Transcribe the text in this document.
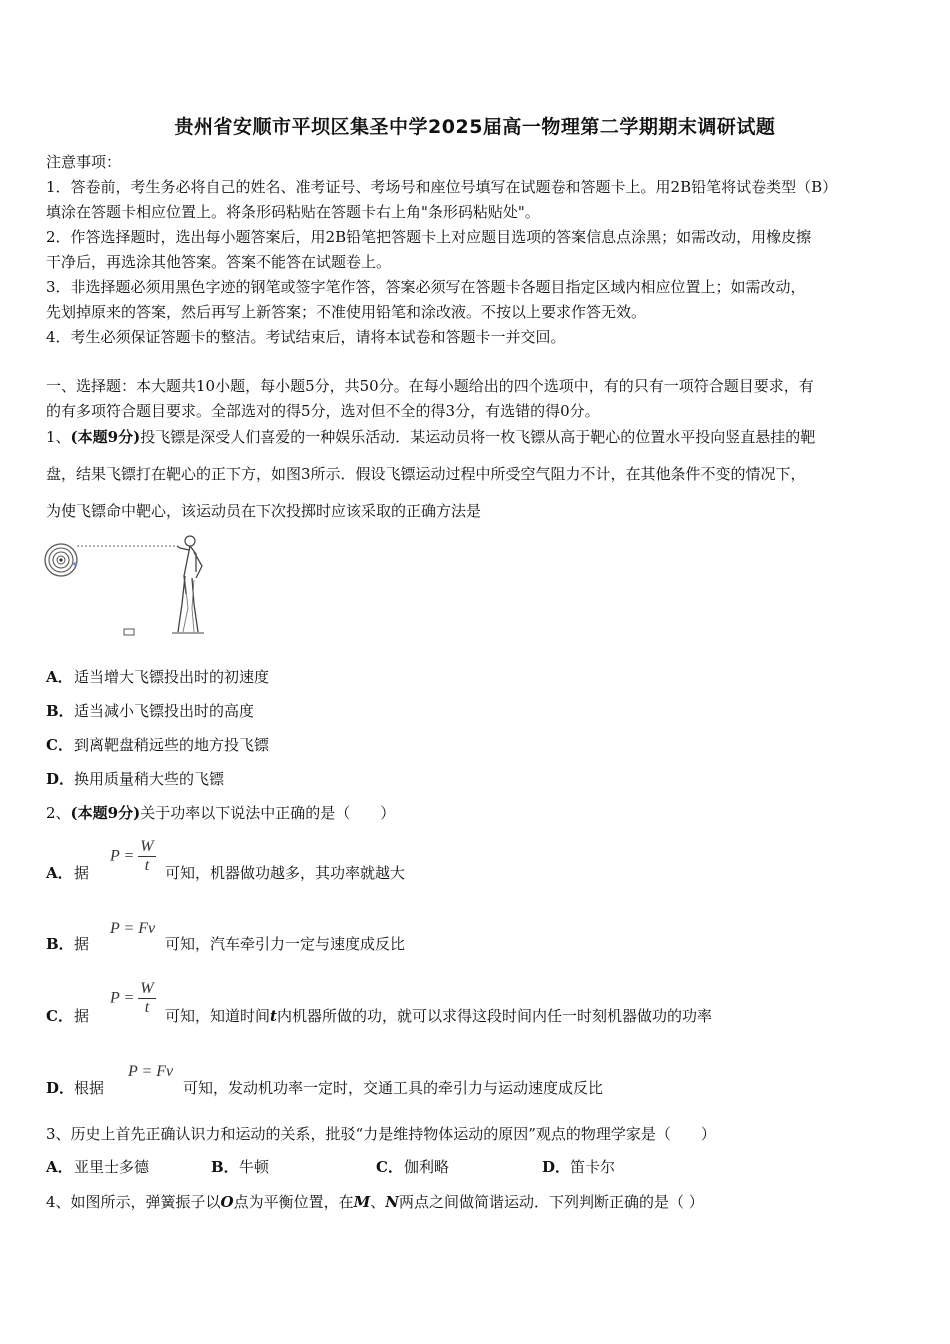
贵州省安顺市平坝区集圣中学2025届高一物理第二学期期末调研试题
注意事项：
1．答卷前，考生务必将自己的姓名、准考证号、考场号和座位号填写在试题卷和答题卡上。用2B铅笔将试卷类型（B）
填涂在答题卡相应位置上。将条形码粘贴在答题卡右上角"条形码粘贴处"。
2．作答选择题时，选出每小题答案后，用2B铅笔把答题卡上对应题目选项的答案信息点涂黑；如需改动，用橡皮擦
干净后，再选涂其他答案。答案不能答在试题卷上。
3．非选择题必须用黑色字迹的钢笔或签字笔作答，答案必须写在答题卡各题目指定区域内相应位置上；如需改动，
先划掉原来的答案，然后再写上新答案；不准使用铅笔和涂改液。不按以上要求作答无效。
4．考生必须保证答题卡的整洁。考试结束后，请将本试卷和答题卡一并交回。
一、选择题：本大题共10小题，每小题5分，共50分。在每小题给出的四个选项中，有的只有一项符合题目要求，有
的有多项符合题目要求。全部选对的得5分，选对但不全的得3分，有选错的得0分。
1、(本题9分)投飞镖是深受人们喜爱的一种娱乐活动．某运动员将一枚飞镖从高于靶心的位置水平投向竖直悬挂的靶
盘，结果飞镖打在靶心的正下方，如图3所示．假设飞镖运动过程中所受空气阻力不计，在其他条件不变的情况下，
为使飞镖命中靶心，该运动员在下次投掷时应该采取的正确方法是
A．适当增大飞镖投出时的初速度
B．适当减小飞镖投出时的高度
C．到离靶盘稍远些的地方投飞镖
D．换用质量稍大些的飞镖
2、(本题9分)关于功率以下说法中正确的是（　　）
A．据
$P = \frac{W}{t}$ 可知，机器做功越多，其功率就越大
B．据
P = Fv
可知，汽车牵引力一定与速度成反比
C．据
$P = \frac{W}{t}$ 可知，知道时间t内机器所做的功，就可以求得这段时间内任一时刻机器做功的功率
D．根据
P = Fv
可知，发动机功率一定时，交通工具的牵引力与运动速度成反比
3、历史上首先正确认识力和运动的关系，批驳“力是维持物体运动的原因”观点的物理学家是（　　）
A．亚里士多德	B．牛顿	C．伽利略	D．笛卡尔
4、如图所示，弹簧振子以O点为平衡位置，在M、N两点之间做简谐运动．下列判断正确的是（ ）
